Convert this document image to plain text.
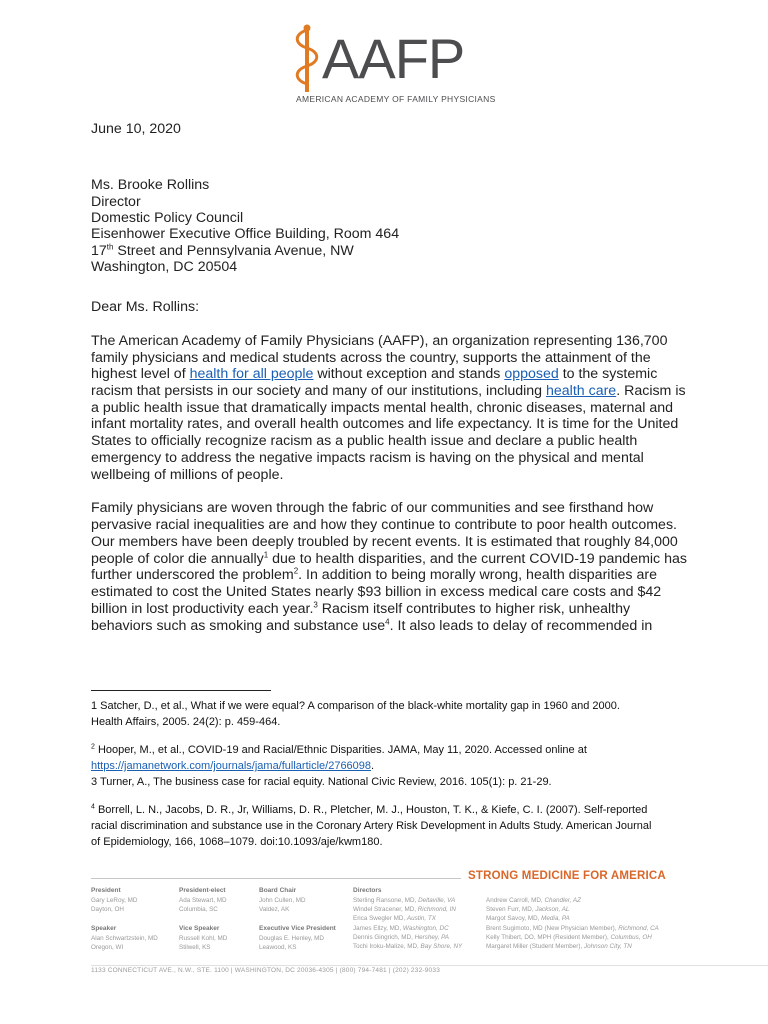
AAFP
AMERICAN ACADEMY OF FAMILY PHYSICIANS
June 10, 2020
Ms. Brooke Rollins
Director
Domestic Policy Council
Eisenhower Executive Office Building, Room 464
17th Street and Pennsylvania Avenue, NW
Washington, DC 20504
Dear Ms. Rollins:
The American Academy of Family Physicians (AAFP), an organization representing 136,700
family physicians and medical students across the country, supports the attainment of the
highest level of health for all people without exception and stands opposed to the systemic
racism that persists in our society and many of our institutions, including health care. Racism is
a public health issue that dramatically impacts mental health, chronic diseases, maternal and
infant mortality rates, and overall health outcomes and life expectancy. It is time for the United
States to officially recognize racism as a public health issue and declare a public health
emergency to address the negative impacts racism is having on the physical and mental
wellbeing of millions of people.
Family physicians are woven through the fabric of our communities and see firsthand how
pervasive racial inequalities are and how they continue to contribute to poor health outcomes.
Our members have been deeply troubled by recent events. It is estimated that roughly 84,000
people of color die annually$^1$ due to health disparities, and the current COVID-19 pandemic has
further underscored the problem$^2$. In addition to being morally wrong, health disparities are
estimated to cost the United States nearly $93 billion in excess medical care costs and $42
billion in lost productivity each year.$^3$ Racism itself contributes to higher risk, unhealthy
behaviors such as smoking and substance use$^4$. It also leads to delay of recommended in
1 Satcher, D., et al., What if we were equal? A comparison of the black-white mortality gap in 1960 and 2000.
Health Affairs, 2005. 24(2): p. 459-464.
$^2$ Hooper, M., et al., COVID-19 and Racial/Ethnic Disparities. JAMA, May 11, 2020. Accessed online at
https://jamanetwork.com/journals/jama/fullarticle/2766098.
3 Turner, A., The business case for racial equity. National Civic Review, 2016. 105(1): p. 21-29.
$^4$ Borrell, L. N., Jacobs, D. R., Jr, Williams, D. R., Pletcher, M. J., Houston, T. K., & Kiefe, C. I. (2007). Self-reported
racial discrimination and substance use in the Coronary Artery Risk Development in Adults Study. American Journal
of Epidemiology, 166, 1068–1079. doi:10.1093/aje/kwm180.
STRONG MEDICINE FOR AMERICA
President
Gary LeRoy, MD
Dayton, OH
President-elect
Ada Stewart, MD
Columbia, SC
Board Chair
John Cullen, MD
Valdez, AK
Speaker
Alan Schwartzstein, MD
Oregon, WI
Vice Speaker
Russell Kohl, MD
Stilwell, KS
Executive Vice President
Douglas E. Henley, MD
Leawood, KS
Directors
Sterling Ransone, MD, Deltaville, VA
Windel Stracener, MD, Richmond, IN
Erica Swegler MD, Austin, TX
James Ellzy, MD, Washington, DC
Dennis Gingrich, MD, Hershey, PA
Tochi Iroku-Malize, MD, Bay Shore, NY
Andrew Carroll, MD, Chandler, AZ
Steven Furr, MD, Jackson, AL
Margot Savoy, MD, Media, PA
Brent Sugimoto, MD (New Physician Member), Richmond, CA
Kelly Thibert, DO, MPH (Resident Member), Columbus, OH
Margaret Miller (Student Member), Johnson City, TN
1133 CONNECTICUT AVE., N.W., STE. 1100 | WASHINGTON, DC 20036-4305 | (800) 794-7481 | (202) 232-9033
